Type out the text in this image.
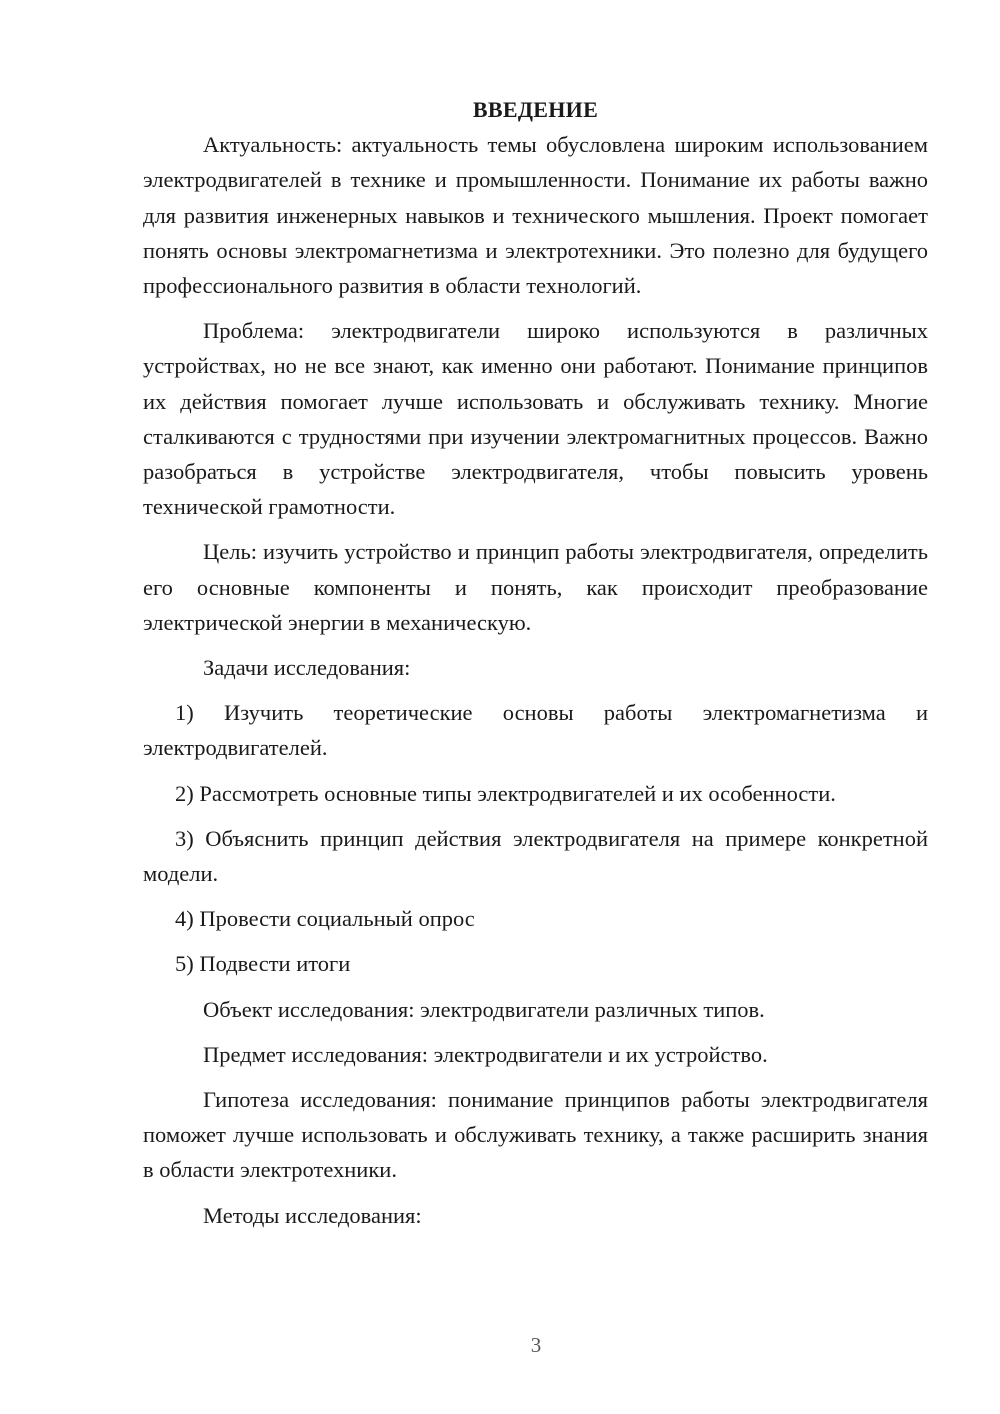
ВВЕДЕНИЕ

Актуальность: актуальность темы обусловлена широким использованием электродвигателей в технике и промышленности. Понимание их работы важно для развития инженерных навыков и технического мышления. Проект помогает понять основы электромагнетизма и электротехники. Это полезно для будущего профессионального развития в области технологий.

Проблема: электродвигатели широко используются в различных устройствах, но не все знают, как именно они работают. Понимание принципов их действия помогает лучше использовать и обслуживать технику. Многие сталкиваются с трудностями при изучении электромагнитных процессов. Важно разобраться в устройстве электродвигателя, чтобы повысить уровень технической грамотности.

Цель: изучить устройство и принцип работы электродвигателя, определить его основные компоненты и понять, как происходит преобразование электрической энергии в механическую.

Задачи исследования:

1) Изучить теоретические основы работы электромагнетизма и электродвигателей.

2) Рассмотреть основные типы электродвигателей и их особенности.

3) Объяснить принцип действия электродвигателя на примере конкретной модели.

4) Провести социальный опрос

5) Подвести итоги

Объект исследования: электродвигатели различных типов.

Предмет исследования: электродвигатели и их устройство.

Гипотеза исследования: понимание принципов работы электродвигателя поможет лучше использовать и обслуживать технику, а также расширить знания в области электротехники.

Методы исследования:

3
